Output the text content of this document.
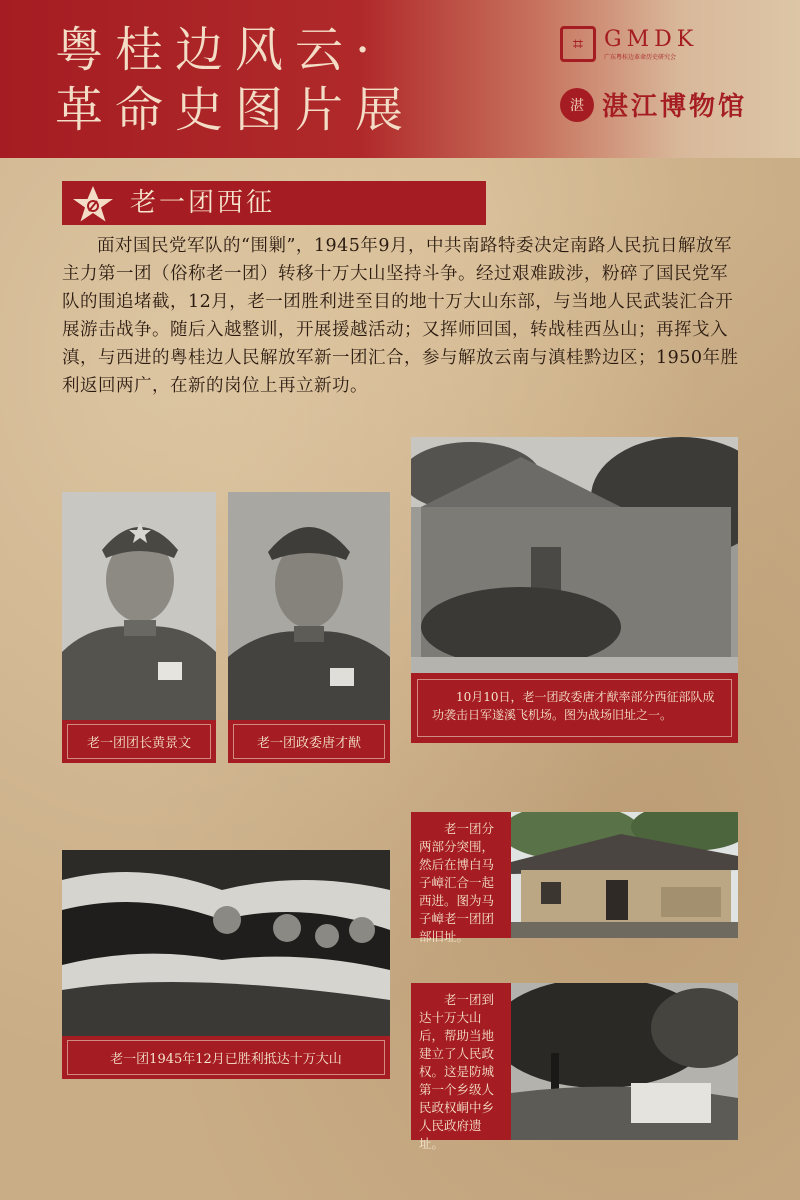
粤桂边风云·
革命史图片展
⌗ GMDK
广东粤桂边革命历史研究会
湛 湛江博物馆
老一团西征

面对国民党军队的“围剿”，1945年9月，中共南路特委决定南路人民抗日解放军主力第一团（俗称老一团）转移十万大山坚持斗争。经过艰难跋涉，粉碎了国民党军队的围追堵截，12月，老一团胜利进至目的地十万大山东部，与当地人民武装汇合开展游击战争。随后入越整训，开展援越活动；又挥师回国，转战桂西丛山；再挥戈入滇，与西进的粤桂边人民解放军新一团汇合，参与解放云南与滇桂黔边区；1950年胜利返回两广，在新的岗位上再立新功。

老一团团长黄景文	老一团政委唐才猷
10月10日，老一团政委唐才猷率部分西征部队成功袭击日军遂溪飞机场。图为战场旧址之一。
老一团1945年12月已胜利抵达十万大山
老一团分两部分突围，然后在博白马子嶂汇合一起西进。图为马子嶂老一团团部旧址。
老一团到达十万大山后，帮助当地建立了人民政权。这是防城第一个乡级人民政权峒中乡人民政府遗址。
